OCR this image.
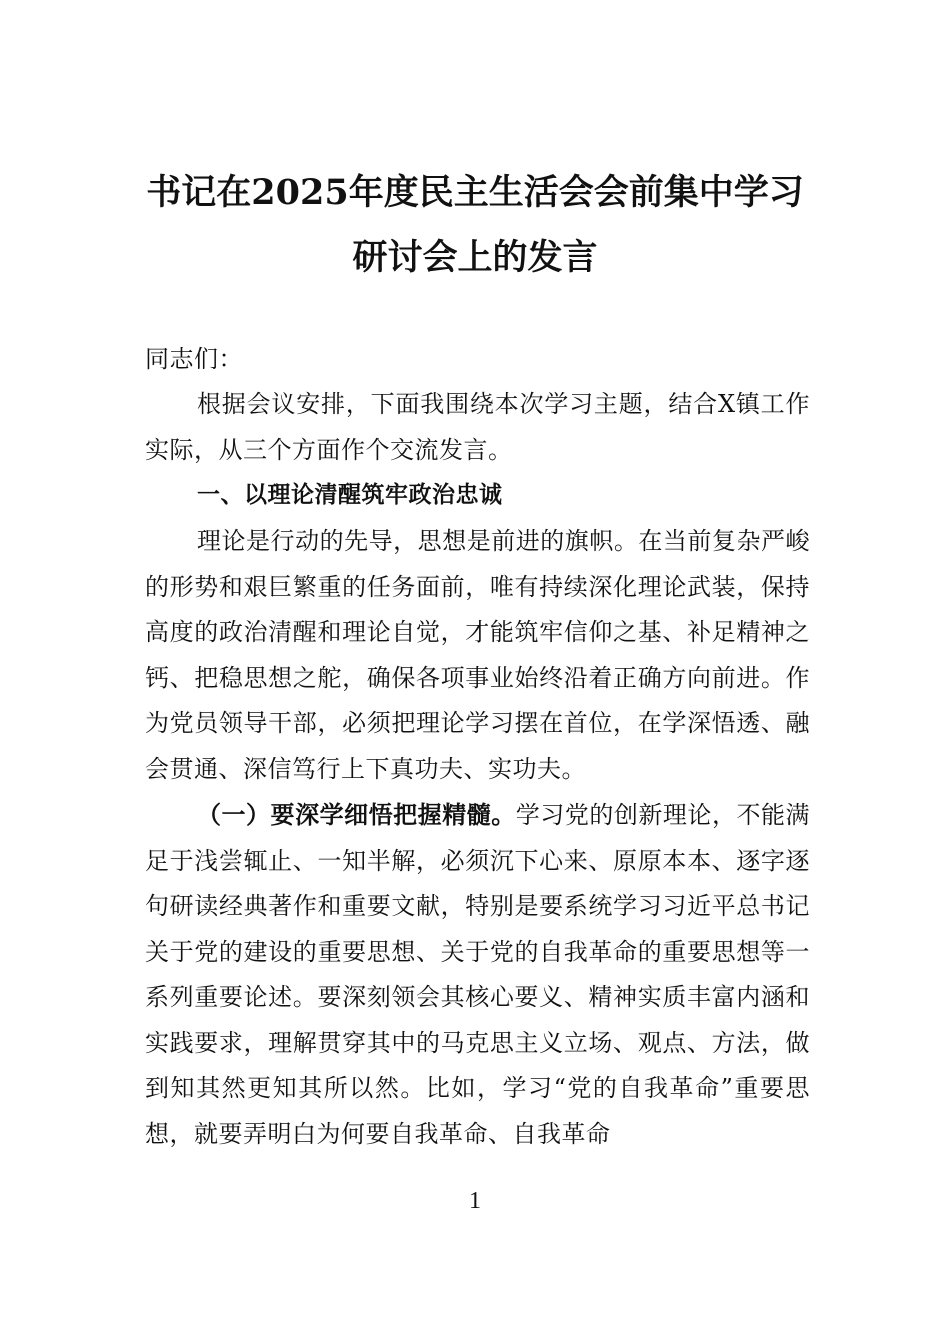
书记在2025年度民主生活会会前集中学习
研讨会上的发言
同志们：
根据会议安排，下面我围绕本次学习主题，结合X镇工作实际，从三个方面作个交流发言。
一、以理论清醒筑牢政治忠诚
理论是行动的先导，思想是前进的旗帜。在当前复杂严峻的形势和艰巨繁重的任务面前，唯有持续深化理论武装，保持高度的政治清醒和理论自觉，才能筑牢信仰之基、补足精神之钙、把稳思想之舵，确保各项事业始终沿着正确方向前进。作为党员领导干部，必须把理论学习摆在首位，在学深悟透、融会贯通、深信笃行上下真功夫、实功夫。
（一）要深学细悟把握精髓。学习党的创新理论，不能满足于浅尝辄止、一知半解，必须沉下心来、原原本本、逐字逐句研读经典著作和重要文献，特别是要系统学习习近平总书记关于党的建设的重要思想、关于党的自我革命的重要思想等一系列重要论述。要深刻领会其核心要义、精神实质丰富内涵和实践要求，理解贯穿其中的马克思主义立场、观点、方法，做到知其然更知其所以然。比如，学习“党的自我革命”重要思想，就要弄明白为何要自我革命、自我革命
1
